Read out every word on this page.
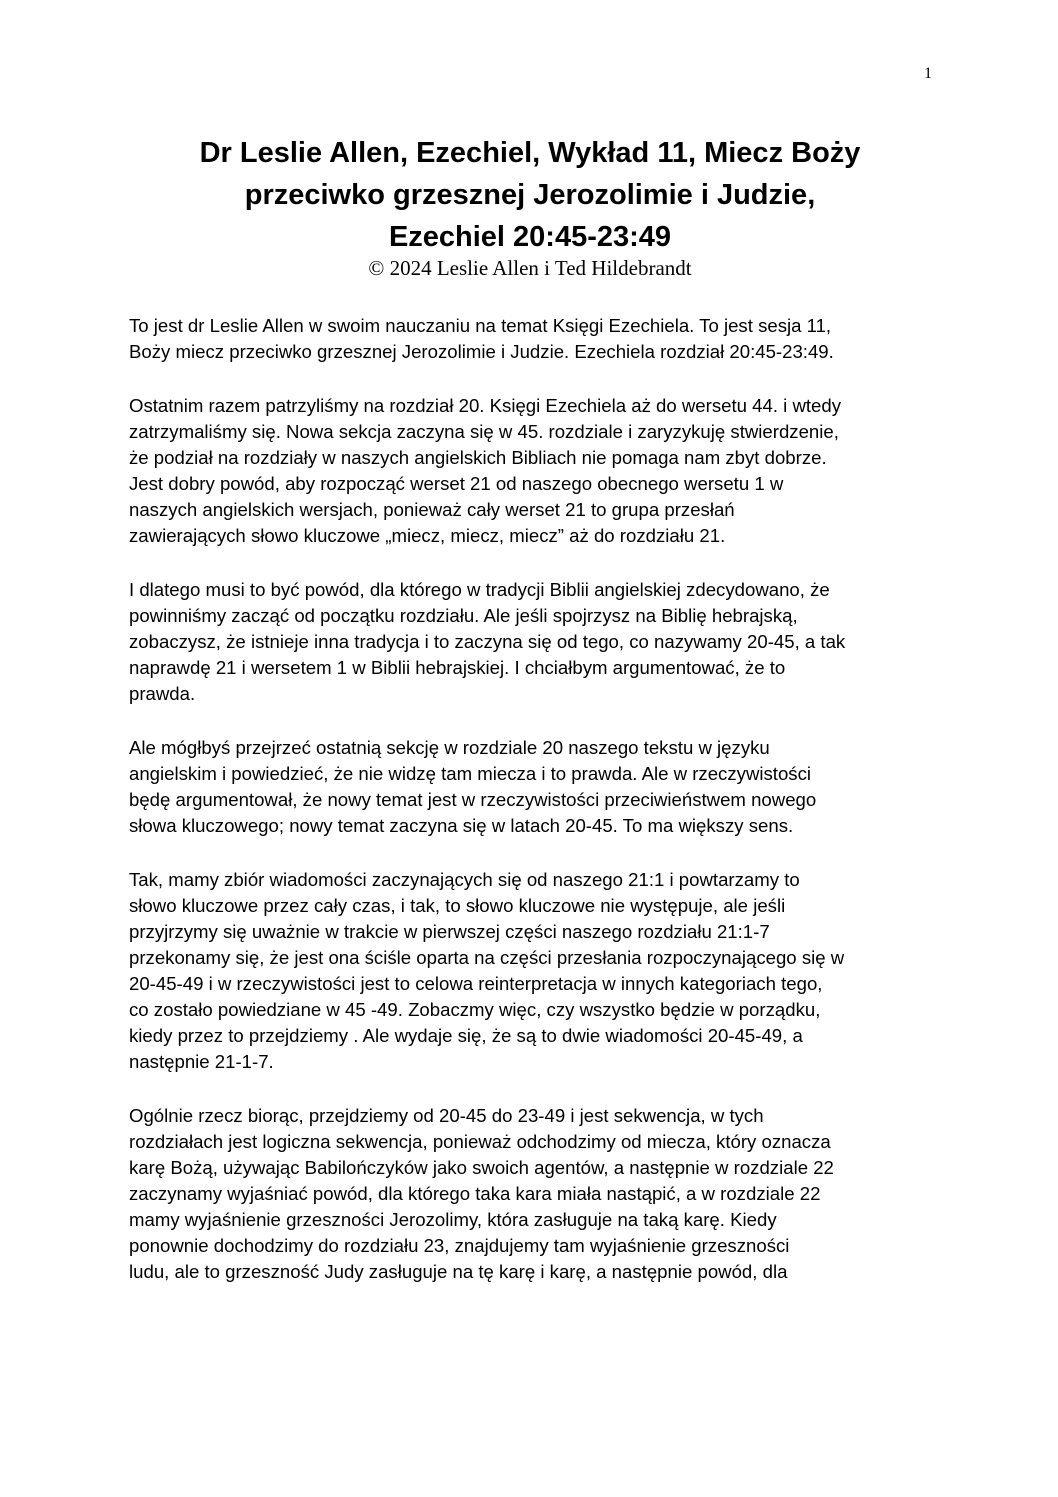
1
Dr Leslie Allen, Ezechiel, Wykład 11, Miecz Boży
przeciwko grzesznej Jerozolimie i Judzie,
Ezechiel 20:45-23:49
© 2024 Leslie Allen i Ted Hildebrandt
To jest dr Leslie Allen w swoim nauczaniu na temat Księgi Ezechiela. To jest sesja 11,
Boży miecz przeciwko grzesznej Jerozolimie i Judzie. Ezechiela rozdział 20:45-23:49.
Ostatnim razem patrzyliśmy na rozdział 20. Księgi Ezechiela aż do wersetu 44. i wtedy
zatrzymaliśmy się. Nowa sekcja zaczyna się w 45. rozdziale i zaryzykuję stwierdzenie,
że podział na rozdziały w naszych angielskich Bibliach nie pomaga nam zbyt dobrze.
Jest dobry powód, aby rozpocząć werset 21 od naszego obecnego wersetu 1 w
naszych angielskich wersjach, ponieważ cały werset 21 to grupa przesłań
zawierających słowo kluczowe „miecz, miecz, miecz” aż do rozdziału 21.
I dlatego musi to być powód, dla którego w tradycji Biblii angielskiej zdecydowano, że
powinniśmy zacząć od początku rozdziału. Ale jeśli spojrzysz na Biblię hebrajską,
zobaczysz, że istnieje inna tradycja i to zaczyna się od tego, co nazywamy 20-45, a tak
naprawdę 21 i wersetem 1 w Biblii hebrajskiej. I chciałbym argumentować, że to
prawda.
Ale mógłbyś przejrzeć ostatnią sekcję w rozdziale 20 naszego tekstu w języku
angielskim i powiedzieć, że nie widzę tam miecza i to prawda. Ale w rzeczywistości
będę argumentował, że nowy temat jest w rzeczywistości przeciwieństwem nowego
słowa kluczowego; nowy temat zaczyna się w latach 20-45. To ma większy sens.
Tak, mamy zbiór wiadomości zaczynających się od naszego 21:1 i powtarzamy to
słowo kluczowe przez cały czas, i tak, to słowo kluczowe nie występuje, ale jeśli
przyjrzymy się uważnie w trakcie w pierwszej części naszego rozdziału 21:1-7
przekonamy się, że jest ona ściśle oparta na części przesłania rozpoczynającego się w
20-45-49 i w rzeczywistości jest to celowa reinterpretacja w innych kategoriach tego,
co zostało powiedziane w 45 -49. Zobaczmy więc, czy wszystko będzie w porządku,
kiedy przez to przejdziemy . Ale wydaje się, że są to dwie wiadomości 20-45-49, a
następnie 21-1-7.
Ogólnie rzecz biorąc, przejdziemy od 20-45 do 23-49 i jest sekwencja, w tych
rozdziałach jest logiczna sekwencja, ponieważ odchodzimy od miecza, który oznacza
karę Bożą, używając Babilończyków jako swoich agentów, a następnie w rozdziale 22
zaczynamy wyjaśniać powód, dla którego taka kara miała nastąpić, a w rozdziale 22
mamy wyjaśnienie grzeszności Jerozolimy, która zasługuje na taką karę. Kiedy
ponownie dochodzimy do rozdziału 23, znajdujemy tam wyjaśnienie grzeszności
ludu, ale to grzeszność Judy zasługuje na tę karę i karę, a następnie powód, dla
